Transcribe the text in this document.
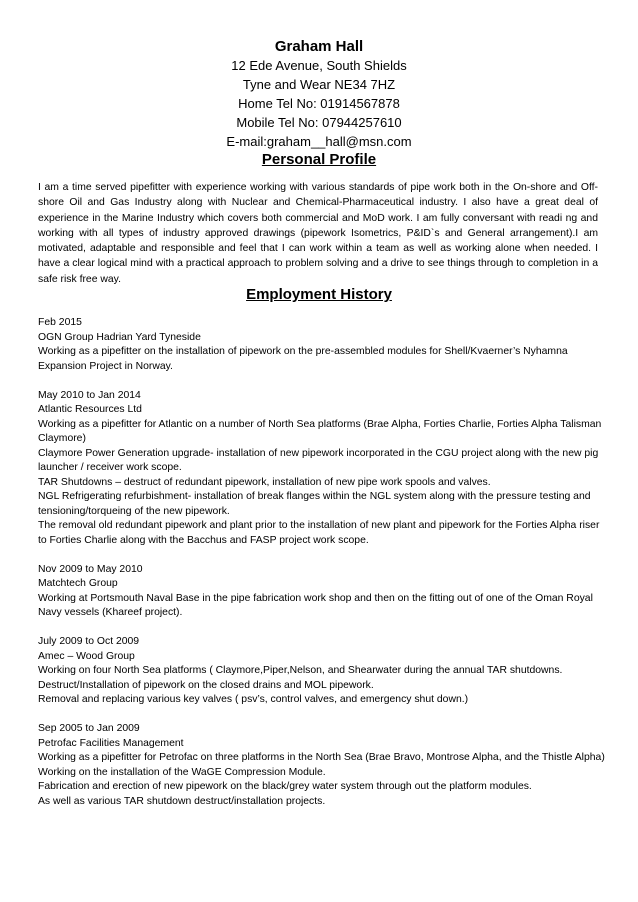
Graham Hall
12 Ede Avenue, South Shields
Tyne and Wear NE34 7HZ
Home Tel No: 01914567878
Mobile Tel No: 07944257610
E-mail:graham__hall@msn.com
Personal Profile

I am a time served pipefitter with experience working with various standards of pipe work both in the On-shore and Off-shore Oil and Gas Industry along with Nuclear and Chemical-Pharmaceutical industry. I also have a great deal of experience in the Marine Industry which covers both commercial and MoD work. I am fully conversant with readi ng and working with all types of industry approved drawings (pipework Isometrics, P&ID`s and General arrangement).I am motivated, adaptable and responsible and feel that I can work within a team as well as working alone when needed. I have a clear logical mind with a practical approach to problem solving and a drive to see things through to completion in a safe risk free way.

Employment History
Feb 2015
OGN Group Hadrian Yard Tyneside
Working as a pipefitter on the installation of pipework on the pre-assembled modules for Shell/Kvaerner’s Nyhamna Expansion Project in Norway.
May 2010 to Jan 2014
Atlantic Resources Ltd
Working as a pipefitter for Atlantic on a number of North Sea platforms (Brae Alpha, Forties Charlie, Forties Alpha Talisman Claymore)
Claymore Power Generation upgrade- installation of new pipework incorporated in the CGU project along with the new pig launcher / receiver work scope.
TAR Shutdowns – destruct of redundant pipework, installation of new pipe work spools and valves.
NGL Refrigerating refurbishment- installation of break flanges within the NGL system along with the pressure testing and tensioning/torqueing of the new pipework.
The removal old redundant pipework and plant prior to the installation of new plant and pipework for the Forties Alpha riser to Forties Charlie along with the Bacchus and FASP project work scope.
Nov 2009 to May 2010
Matchtech Group
Working at Portsmouth Naval Base in the pipe fabrication work shop and then on the fitting out of one of the Oman Royal Navy vessels (Khareef project).
July 2009 to Oct 2009
Amec – Wood Group
Working on four North Sea platforms ( Claymore,Piper,Nelson, and Shearwater during the annual TAR shutdowns.
Destruct/Installation of pipework on the closed drains and MOL pipework.
Removal and replacing various key valves ( psv’s, control valves, and emergency shut down.)
Sep 2005 to Jan 2009
Petrofac Facilities Management
Working as a pipefitter for Petrofac on three platforms in the North Sea (Brae Bravo, Montrose Alpha, and the Thistle Alpha)
Working on the installation of the WaGE Compression Module.
Fabrication and erection of new pipework on the black/grey water system through out the platform modules.
As well as various TAR shutdown destruct/installation projects.
